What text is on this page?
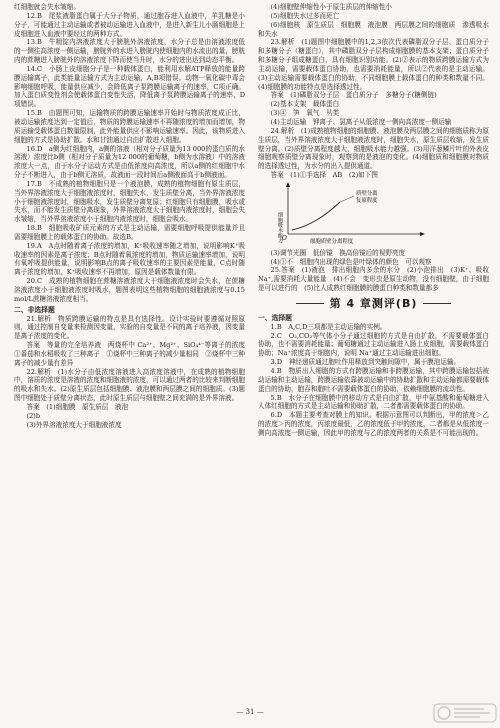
红细胞就会失水皱缩。

12.B　尾浆液脂蛋白属于大分子物质，通过胞吞进入血液中，羊乳糖是小分子，可能通过主动运输或者被动运输进入血液中，是进入新生儿小肠细胞是上皮细胞进入血液中要经过的两种方式。

13.B　牛精锭内溶液浓度大于膀胱外溶液浓度，水分子总是由溶液浓度低的一侧往高浓度一侧运输，膀胱外的水进入膀胱内使细胞内的水流出的量，膀胱内的蔗糖进入膀胱外的溶液浓度下降而使当升时，水分的进出达到动态平衡。

14.C　小肠上皮细胞分子是一种载体蛋白，能利用水解ATP释放的能量跨膜运输离子，此类能量运输方式为主动运输，A,B项错误。动物一氧化碳中毒会影响细胞呼吸，能量供应减少，会降低离子泵跨膜运输离子的速率，C项正确。加入蛋白质变性剂会使载体蛋白变性失活，降低离子泵跨膜运输离子的速率，D项错误。

15.B　由题图可知，运输物质的跨膜运输速率开始时与物质浓度成正比，被动运输浓度达到一定值后，物质的跨膜运输速率不再随浓度的增加而增加，物质运输受载体蛋白数量限制，此外能量供应不影响运输速率。因此，该物质进入细胞的方式是协助扩散。水和甘油通过自由扩散进入细胞。

16.D　a侧为红细胞内，a侧的溶液（相对分子质量为13 000的蛋白质的水溶液）浓度比b侧（相对分子质量为12 000的葡萄糖，b侧为水溶液）中的溶液浓度大一点，由于水分子运动方式是由低浓度向高浓度，所以a侧的红细胞中水分子不断进入，由于b侧无溶质，故液面一段时间后a侧液面高于b侧液面。

17.B　不成熟的植物细胞只是一个液泡膜，成熟的植物细胞有原生质层，当外界溶液浓度大于细胞液浓度时，细胞失水，发生质壁分离，当外界溶液浓度小于细胞液浓度时，细胞吸水，发生质壁分离复原；红细胞只有细胞膜，吸水或失水，而不能发生质壁分离现象，外界溶液浓度大于细胞内液浓度时，细胞会失水皱缩，当外界溶液浓度小于细胞内液浓度时，细胞会吸水。

18.B　细胞吸收矿质元素的方式是主动运输，需要细胞呼吸提供能量并且需要细胞膜上的载体蛋白的协助。故选B。

19.A　A点时随着离子浓度的增加，K⁺吸收速率随之增加，说明影响K⁺吸收速率的因素是离子浓度；B点时随着氧浓度的增加，物质运输速率增加，说明有氧呼吸提供能量，说明影响B点的离子吸收速率的主要因素是能量，C点时随离子浓度的增加，K⁺吸收速率不再增加，原因是载体数量有限。

20.C　成熟的植物细胞在蔗糖溶液浓度大于细胞液浓度时会失水，在蔗糖溶液浓度小于细胞液浓度时吸水，题图表明这些植物细胞的细胞液浓度与0.15 mol/L蔗糖溶液浓度相当。

二、非选择题

21.解析　物质跨膜运输的特点是具有选择性。设计实验时要遵循对照原则，通过控制自变量来检测因变量，实验的自变量是不同的离子培养液，因变量是离子浓度的变化。

答案　等量的完全培养液　两烧杯中 Ca²⁺、Mg²⁺、SiO₄⁴⁻等离子的浓度　①番茄和水稻吸收了三种离子　①烧杯中三种离子的减少量相同　②烧杯中三种离子的减少量有差异

22.解析　(1)水分子由低浓度溶液进入高浓度溶液中，在成熟的植物细胞中，溶质的浓度是溶液的浓度和细胞液的浓度，可以通过两者的比较来判断细胞的吸水和失水。(2)原生质层包括细胞膜、液泡膜和两层膜之间的细胞质。(3)题图中细胞处于质壁分离状态，此时原生质层与细胞壁之间充满的是外界溶液。

答案　(1)细胞膜　原生质层　液泡

(2)b

(3)外界溶液浓度大于细胞液浓度

(4)细胞壁伸缩性小于原生质层的伸缩性小

(5)细胞失水过多而死亡

(6)细胞核　原生质层　细胞膜　液泡膜　两层膜之间的细胞质　渗透吸水和失水

23.解析　(1)题图中细胞膜中的1,2,3依次代表磷脂双分子层、蛋白质分子和多糖分子（糖蛋白），其中磷脂双分子层构成细胞膜的基本支架；蛋白质分子和多糖分子组成糖蛋白，具有细胞识别功能。(2)②表示的物质跨膜运输方式为主动运输，需要载体蛋白协助，也需要消耗能量，所以②代表的是主动运输。(3)主动运输需要载体蛋白的协助，不同细胞膜上载体蛋白的种类和数量不同。(4)细胞膜的功能特点是选择透过性。

答案　(1)磷脂双分子层　蛋白质分子　多糖分子(糖侧链)

(2)基本支架　载体蛋白

(3)④　笋　氧气　丛类

(4)主动运输　钾离子、氯离子从低浓度一侧向高浓度一侧运输

24.解析　(1)成熟植物细胞的细胞膜、液泡膜及两层膜之间的细胞质称为原生质层，当外界溶液浓度大于细胞液浓度时，细胞失水，原生质层收缩，发生质壁分离。(2)质壁分离程度越大，细胞吸水能力越强。(3)用洋葱鳞片叶的外表皮细胞观察质壁分离现象时，观察到的是液泡的变化。(4)细胞质和细胞膜对物质的选择透过性，为水分的出入提供通道。

答案　(1)①手选择　AB　(2)如下图

细胞吸水能力 O
质壁分离
复原程度
细胞质壁分离程度

(3)调节光圈　低倍镜　换高倍镜后的视野亮度

(4)①不　细胞内出现的绿色是叶绿体的颜色　可以观察

25.答案　(1)液泡　排出细胞内多余的水分　(2)小泡排出　(3)K⁺、吸收Na⁺,需要消耗大量能量　(4)不会　变形虫是原生动物，没有细胞壁，由于细胞是可以进行的　(5)比人成熟红细胞膜的膜蛋白种类和数量都多

第 4 章测评(B)

一、选择题

1.B　A,C,D三项都是主动运输的实例。

2.C　O₂,CO₂等气体小分子通过细胞的方式是自由扩散，不需要载体蛋白协助，也不需要消耗能量；葡萄糖通过主动运输进入肠上皮细胞，需要载体蛋白协助；Na⁺浓度高于细胞内，说明 Na⁺通过主动运输进出细胞。

3.D　神经递质通过胞吐作用释放到突触间隙中，属于膜泡运输。

4.B　物质出入细胞的方式有跨膜运输和非跨膜运输，其中跨膜运输包括被动运输和主动运输，跨膜运输依靠被动运输中的协助扩散和主动运输都需要载体蛋白的协助，胞吞和胞吐不需要载体蛋白的协助，依赖细胞膜的流动性。

5.B　水分子在细胞膜中的移动方式是自由扩散，甲中氨基酸和葡萄糖进入人体红细胞的方式是主动运输和协助扩散，二者都需要载体蛋白的协助。

6.D　本题主要考查对膜上的知识。根据示意图可以判断出，甲的浓度＞乙的浓度＞丙的浓度，丙浓度最低，乙的浓度低于甲的浓度，二者都是从低浓度一侧向高浓度一侧运输，因此甲的浓度与乙的浓度两者的关系是不可能出现的。

— 31 —
